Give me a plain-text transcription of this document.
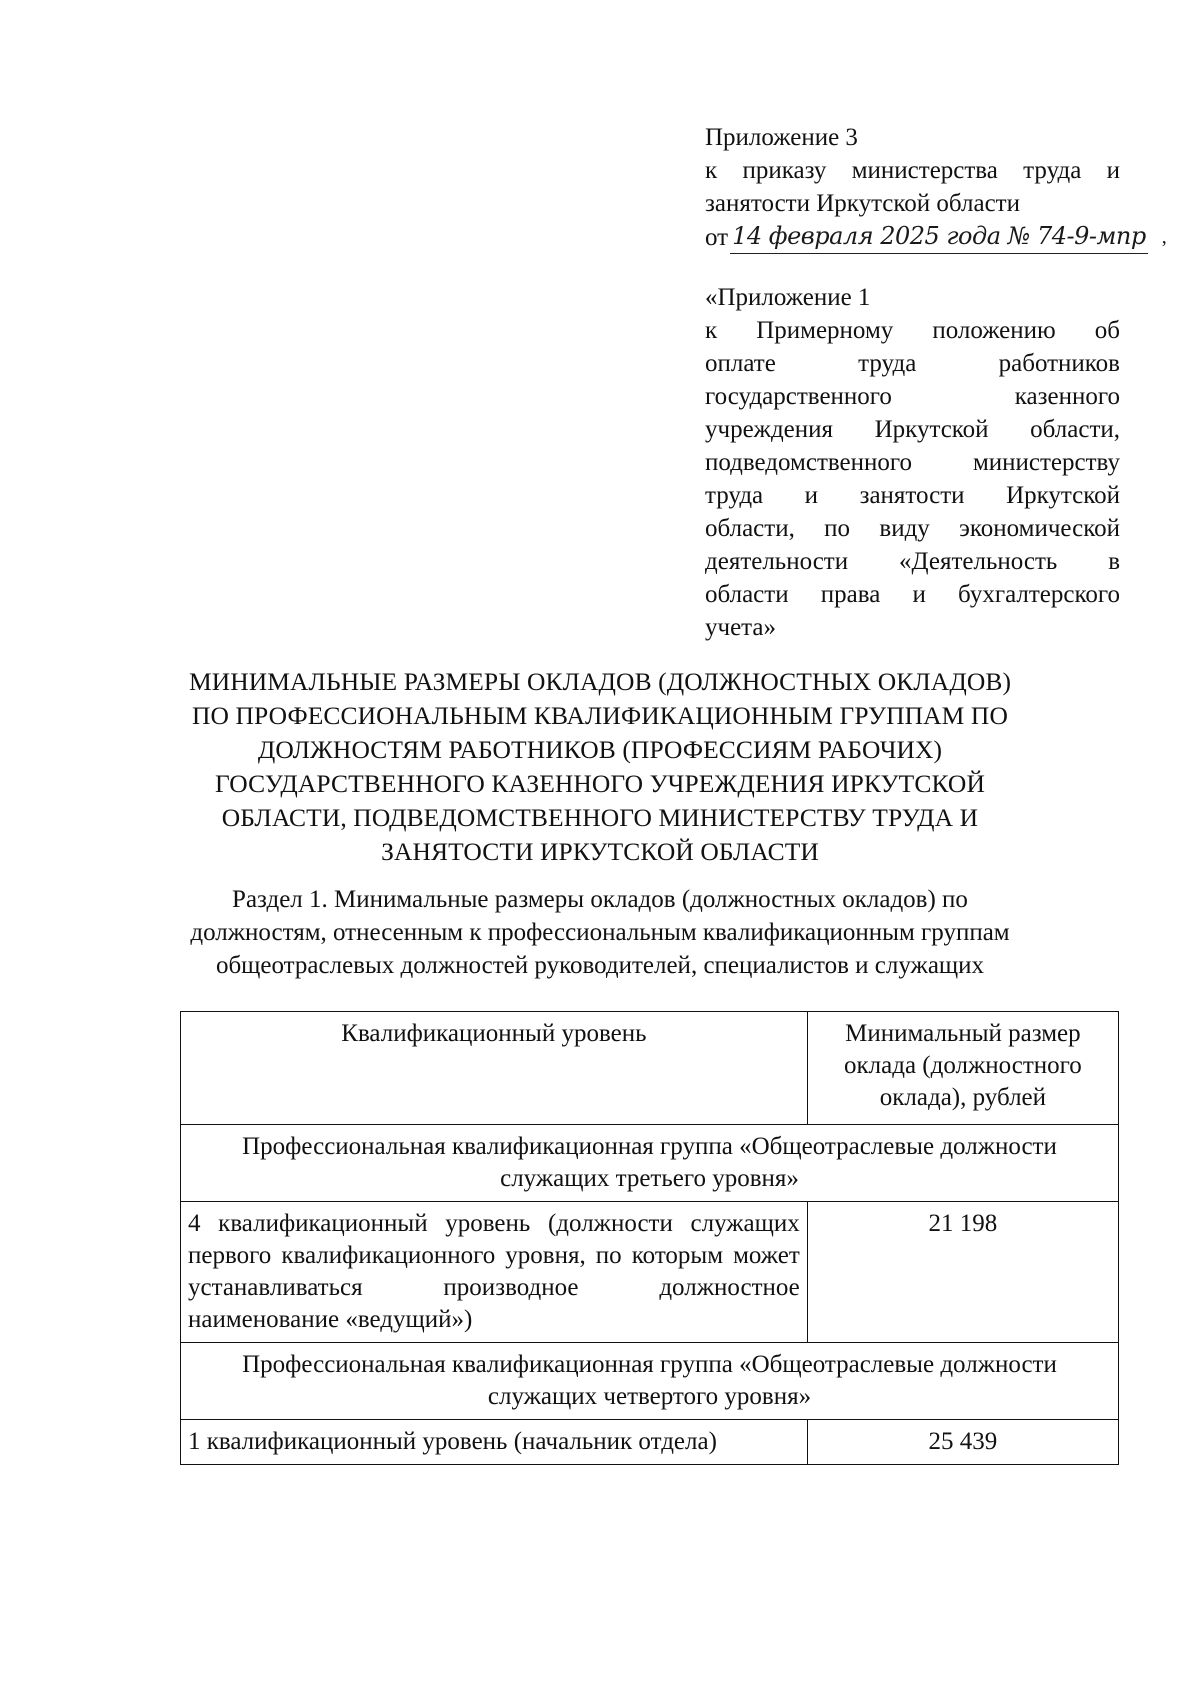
Приложение 3
к приказу министерства труда и
занятости Иркутской области
от 14 февраля 2025 года № 74-9-мпр ,
«Приложение 1
к Примерному положению об
оплате труда работников
государственного казенного
учреждения Иркутской области,
подведомственного министерству
труда и занятости Иркутской
области, по виду экономической
деятельности «Деятельность в
области права и бухгалтерского
учета»
МИНИМАЛЬНЫЕ РАЗМЕРЫ ОКЛАДОВ (ДОЛЖНОСТНЫХ ОКЛАДОВ)
ПО ПРОФЕССИОНАЛЬНЫМ КВАЛИФИКАЦИОННЫМ ГРУППАМ ПО
ДОЛЖНОСТЯМ РАБОТНИКОВ (ПРОФЕССИЯМ РАБОЧИХ)
ГОСУДАРСТВЕННОГО КАЗЕННОГО УЧРЕЖДЕНИЯ ИРКУТСКОЙ
ОБЛАСТИ, ПОДВЕДОМСТВЕННОГО МИНИСТЕРСТВУ ТРУДА И
ЗАНЯТОСТИ ИРКУТСКОЙ ОБЛАСТИ
Раздел 1. Минимальные размеры окладов (должностных окладов) по
должностям, отнесенным к профессиональным квалификационным группам
общеотраслевых должностей руководителей, специалистов и служащих
Квалификационный уровень	Минимальный размер
оклада (должностного
оклада), рублей

Профессиональная квалификационная группа «Общеотраслевые должности служащих третьего уровня»	
4 квалификационный уровень (должности служащих первого квалификационного уровня, по которым может устанавливаться производное должностное наименование «ведущий»)	21 198
Профессиональная квалификационная группа «Общеотраслевые должности служащих четвертого уровня»	
1 квалификационный уровень (начальник отдела)	25 439
